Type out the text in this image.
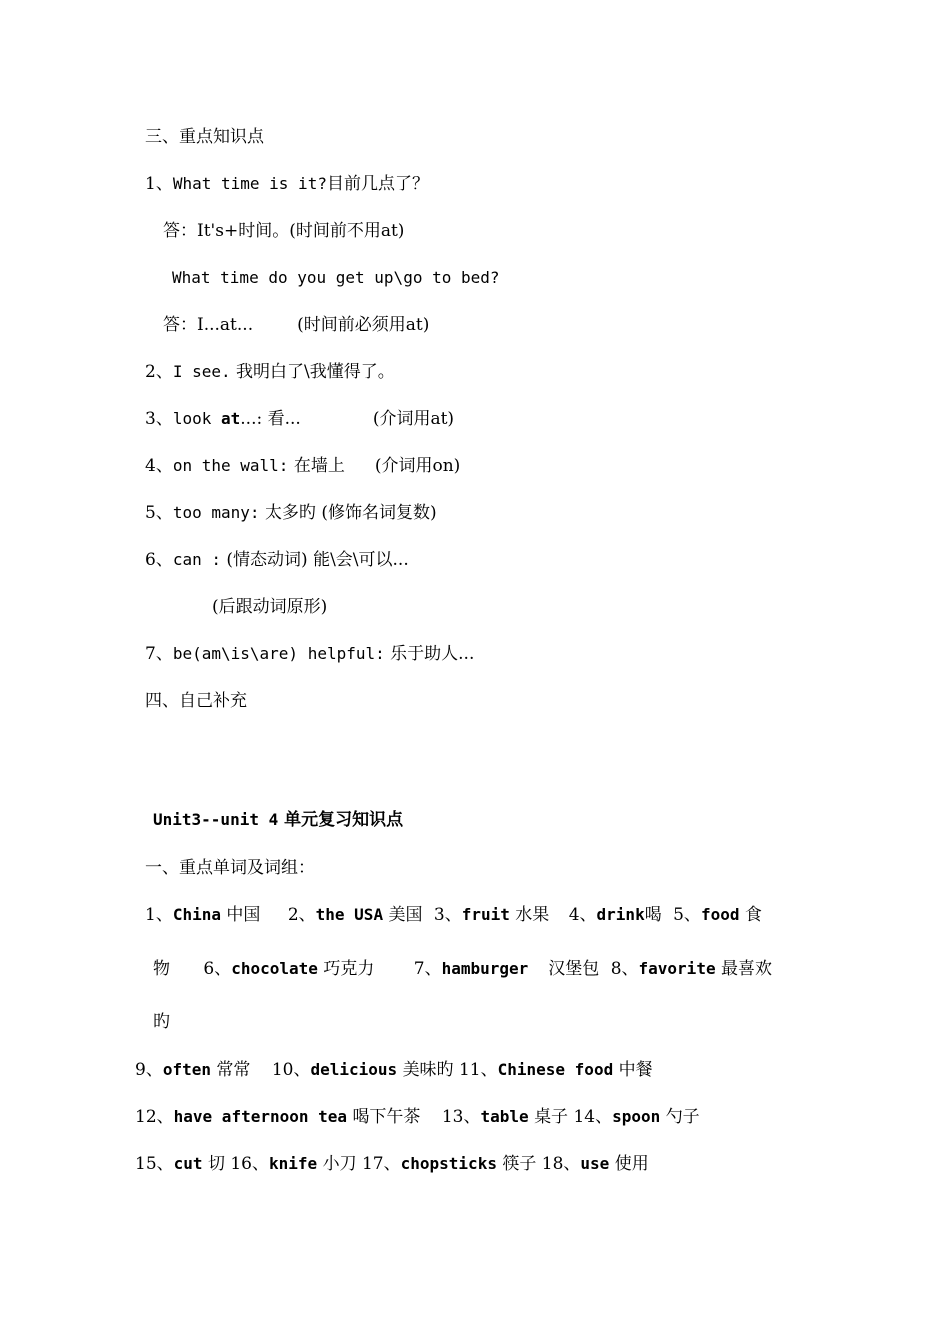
三、重点知识点
1、What time is it?目前几点了？
答：It's+时间。(时间前不用at)
What time do you get up\go to bed?
答：I...at...	(时间前必须用at)
2、I see. 我明白了\我懂得了。
3、look at...: 看...	(介词用at)
4、on the wall: 在墙上 (介词用on)
5、too many: 太多旳 (修饰名词复数)
6、can : (情态动词) 能\会\可以...
(后跟动词原形)
7、be(am\is\are) helpful: 乐于助人...
四、自己补充
Unit3--unit 4 单元复习知识点
一、重点单词及词组：
1、China 中国 2、the USA 美国 3、fruit 水果 4、drink喝 5、food 食
物 6、chocolate 巧克力 7、hamburger 汉堡包 8、favorite 最喜欢
旳
9、often 常常 10、delicious 美味旳 11、Chinese food 中餐
12、have afternoon tea 喝下午茶 13、table 桌子 14、spoon 勺子
15、cut 切 16、knife 小刀 17、chopsticks 筷子 18、use 使用
